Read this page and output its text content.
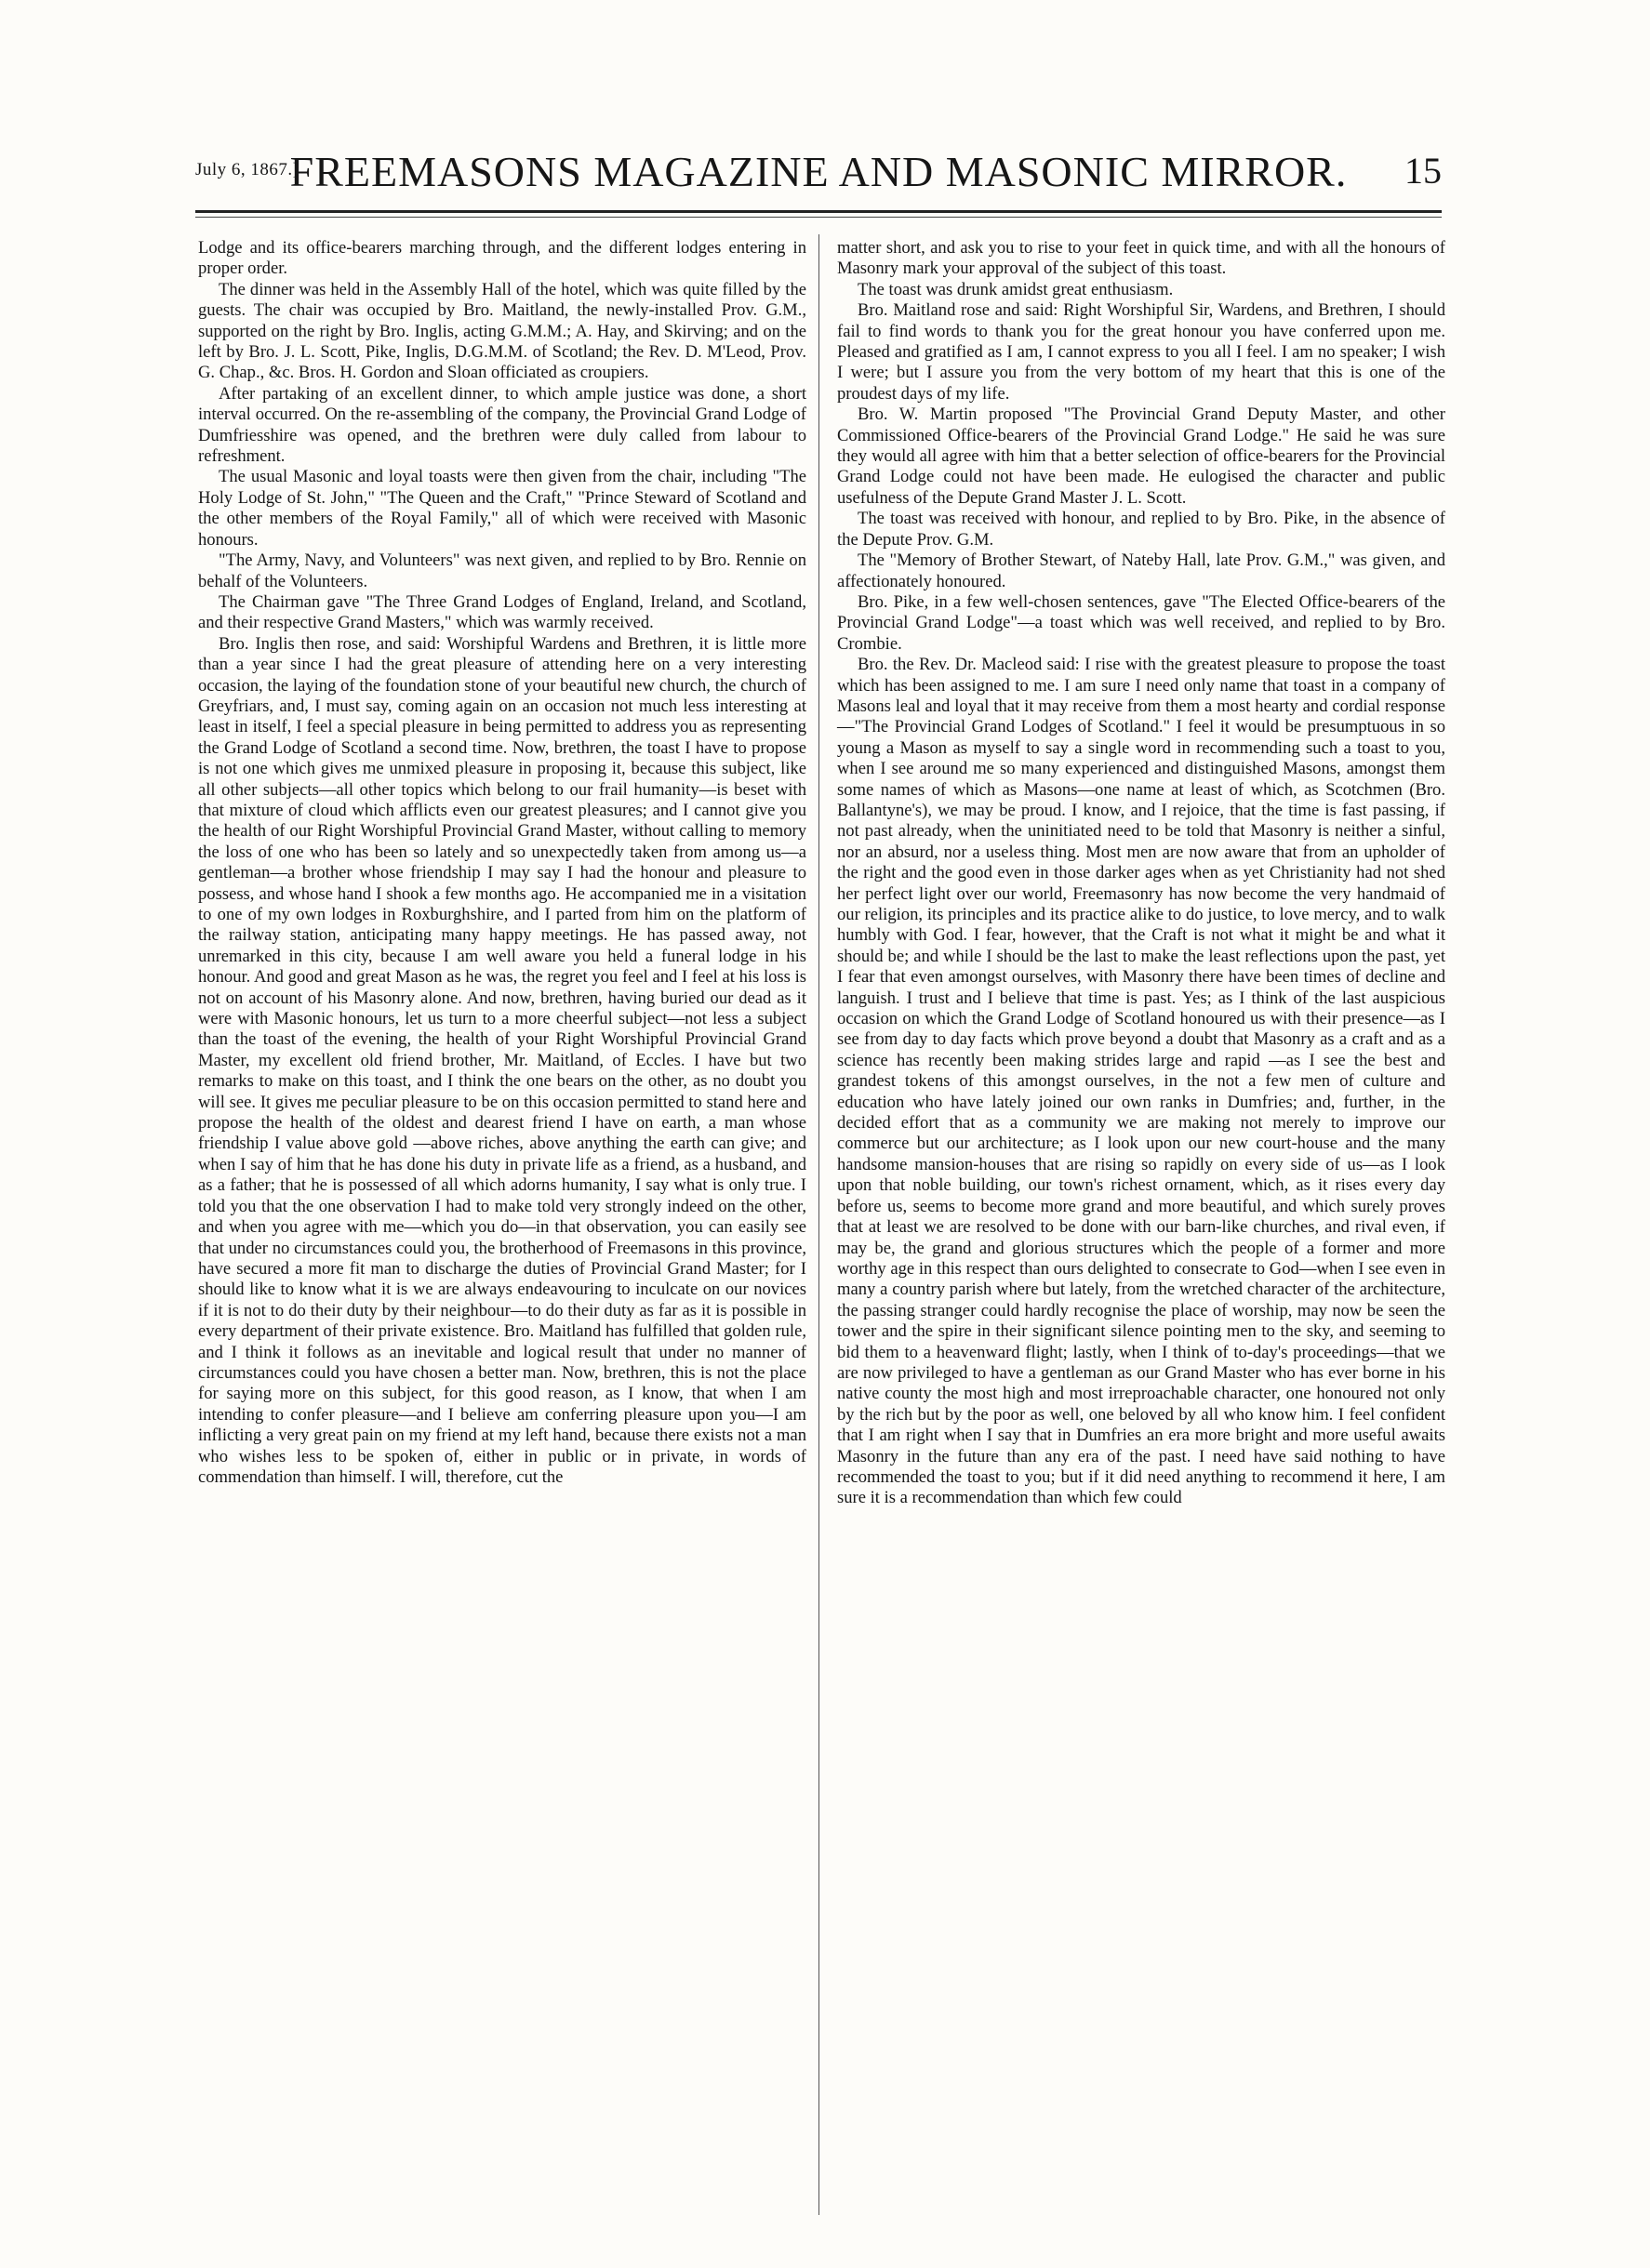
July 6, 1867.]
FREEMASONS MAGAZINE AND MASONIC MIRROR.	15

Lodge and its office-bearers marching through, and the different lodges entering in proper order.

The dinner was held in the Assembly Hall of the hotel, which was quite filled by the guests. The chair was occupied by Bro. Maitland, the newly-installed Prov. G.M., supported on the right by Bro. Inglis, acting G.M.M.; A. Hay, and Skirving; and on the left by Bro. J. L. Scott, Pike, Inglis, D.G.M.M. of Scotland; the Rev. D. M'Leod, Prov. G. Chap., &c. Bros. H. Gordon and Sloan officiated as croupiers.

After partaking of an excellent dinner, to which ample justice was done, a short interval occurred. On the re-assembling of the company, the Provincial Grand Lodge of Dumfriesshire was opened, and the brethren were duly called from labour to refreshment.

The usual Masonic and loyal toasts were then given from the chair, including "The Holy Lodge of St. John," "The Queen and the Craft," "Prince Steward of Scotland and the other members of the Royal Family," all of which were received with Masonic honours.

"The Army, Navy, and Volunteers" was next given, and replied to by Bro. Rennie on behalf of the Volunteers.

The Chairman gave "The Three Grand Lodges of England, Ireland, and Scotland, and their respective Grand Masters," which was warmly received.

Bro. Inglis then rose, and said: Worshipful Wardens and Brethren, it is little more than a year since I had the great pleasure of attending here on a very interesting occasion, the laying of the foundation stone of your beautiful new church, the church of Greyfriars, and, I must say, coming again on an occasion not much less interesting at least in itself, I feel a special pleasure in being permitted to address you as representing the Grand Lodge of Scotland a second time. Now, brethren, the toast I have to propose is not one which gives me unmixed pleasure in proposing it, because this subject, like all other subjects—all other topics which belong to our frail humanity—is beset with that mixture of cloud which afflicts even our greatest pleasures; and I cannot give you the health of our Right Worshipful Provincial Grand Master, without calling to memory the loss of one who has been so lately and so unexpectedly taken from among us—a gentleman—a brother whose friendship I may say I had the honour and pleasure to possess, and whose hand I shook a few months ago. He accompanied me in a visitation to one of my own lodges in Roxburghshire, and I parted from him on the platform of the railway station, anticipating many happy meetings. He has passed away, not unremarked in this city, because I am well aware you held a funeral lodge in his honour. And good and great Mason as he was, the regret you feel and I feel at his loss is not on account of his Masonry alone. And now, brethren, having buried our dead as it were with Masonic honours, let us turn to a more cheerful subject—not less a subject than the toast of the evening, the health of your Right Worshipful Provincial Grand Master, my excellent old friend brother, Mr. Maitland, of Eccles. I have but two remarks to make on this toast, and I think the one bears on the other, as no doubt you will see. It gives me peculiar pleasure to be on this occasion permitted to stand here and propose the health of the oldest and dearest friend I have on earth, a man whose friendship I value above gold —above riches, above anything the earth can give; and when I say of him that he has done his duty in private life as a friend, as a husband, and as a father; that he is possessed of all which adorns humanity, I say what is only true. I told you that the one observation I had to make told very strongly indeed on the other, and when you agree with me—which you do—in that observation, you can easily see that under no circumstances could you, the brotherhood of Freemasons in this province, have secured a more fit man to discharge the duties of Provincial Grand Master; for I should like to know what it is we are always endeavouring to inculcate on our novices if it is not to do their duty by their neighbour—to do their duty as far as it is possible in every department of their private existence. Bro. Maitland has fulfilled that golden rule, and I think it follows as an inevitable and logical result that under no manner of circumstances could you have chosen a better man. Now, brethren, this is not the place for saying more on this subject, for this good reason, as I know, that when I am intending to confer pleasure—and I believe am conferring pleasure upon you—I am inflicting a very great pain on my friend at my left hand, because there exists not a man who wishes less to be spoken of, either in public or in private, in words of commendation than himself. I will, therefore, cut the

matter short, and ask you to rise to your feet in quick time, and with all the honours of Masonry mark your approval of the subject of this toast.

The toast was drunk amidst great enthusiasm.

Bro. Maitland rose and said: Right Worshipful Sir, Wardens, and Brethren, I should fail to find words to thank you for the great honour you have conferred upon me. Pleased and gratified as I am, I cannot express to you all I feel. I am no speaker; I wish I were; but I assure you from the very bottom of my heart that this is one of the proudest days of my life.

Bro. W. Martin proposed "The Provincial Grand Deputy Master, and other Commissioned Office-bearers of the Provincial Grand Lodge." He said he was sure they would all agree with him that a better selection of office-bearers for the Provincial Grand Lodge could not have been made. He eulogised the character and public usefulness of the Depute Grand Master J. L. Scott.

The toast was received with honour, and replied to by Bro. Pike, in the absence of the Depute Prov. G.M.

The "Memory of Brother Stewart, of Nateby Hall, late Prov. G.M.," was given, and affectionately honoured.

Bro. Pike, in a few well-chosen sentences, gave "The Elected Office-bearers of the Provincial Grand Lodge"—a toast which was well received, and replied to by Bro. Crombie.

Bro. the Rev. Dr. Macleod said: I rise with the greatest pleasure to propose the toast which has been assigned to me. I am sure I need only name that toast in a company of Masons leal and loyal that it may receive from them a most hearty and cordial response—"The Provincial Grand Lodges of Scotland." I feel it would be presumptuous in so young a Mason as myself to say a single word in recommending such a toast to you, when I see around me so many experienced and distinguished Masons, amongst them some names of which as Masons—one name at least of which, as Scotchmen (Bro. Ballantyne's), we may be proud. I know, and I rejoice, that the time is fast passing, if not past already, when the uninitiated need to be told that Masonry is neither a sinful, nor an absurd, nor a useless thing. Most men are now aware that from an upholder of the right and the good even in those darker ages when as yet Christianity had not shed her perfect light over our world, Freemasonry has now become the very handmaid of our religion, its principles and its practice alike to do justice, to love mercy, and to walk humbly with God. I fear, however, that the Craft is not what it might be and what it should be; and while I should be the last to make the least reflections upon the past, yet I fear that even amongst ourselves, with Masonry there have been times of decline and languish. I trust and I believe that time is past. Yes; as I think of the last auspicious occasion on which the Grand Lodge of Scotland honoured us with their presence—as I see from day to day facts which prove beyond a doubt that Masonry as a craft and as a science has recently been making strides large and rapid —as I see the best and grandest tokens of this amongst ourselves, in the not a few men of culture and education who have lately joined our own ranks in Dumfries; and, further, in the decided effort that as a community we are making not merely to improve our commerce but our architecture; as I look upon our new court-house and the many handsome mansion-houses that are rising so rapidly on every side of us—as I look upon that noble building, our town's richest ornament, which, as it rises every day before us, seems to become more grand and more beautiful, and which surely proves that at least we are resolved to be done with our barn-like churches, and rival even, if may be, the grand and glorious structures which the people of a former and more worthy age in this respect than ours delighted to consecrate to God—when I see even in many a country parish where but lately, from the wretched character of the architecture, the passing stranger could hardly recognise the place of worship, may now be seen the tower and the spire in their significant silence pointing men to the sky, and seeming to bid them to a heavenward flight; lastly, when I think of to-day's proceedings—that we are now privileged to have a gentleman as our Grand Master who has ever borne in his native county the most high and most irreproachable character, one honoured not only by the rich but by the poor as well, one beloved by all who know him. I feel confident that I am right when I say that in Dumfries an era more bright and more useful awaits Masonry in the future than any era of the past. I need have said nothing to have recommended the toast to you; but if it did need anything to recommend it here, I am sure it is a recommendation than which few could
